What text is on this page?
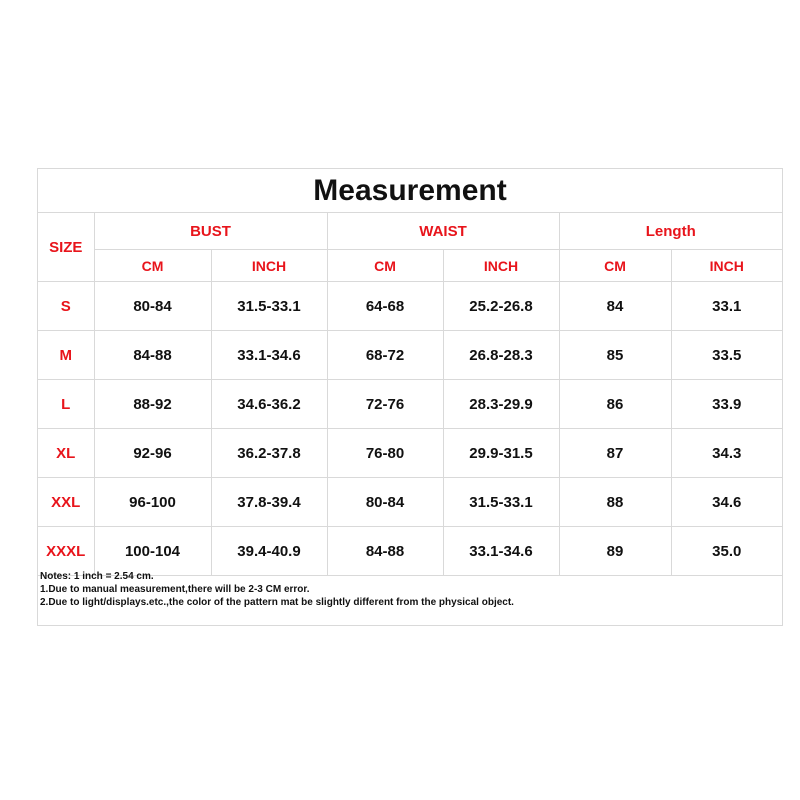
Measurement
SIZE	BUST		WAIST		Length	
	CM	INCH	CM	INCH	CM	INCH
S	80-84	31.5-33.1	64-68	25.2-26.8	84	33.1
M	84-88	33.1-34.6	68-72	26.8-28.3	85	33.5
L	88-92	34.6-36.2	72-76	28.3-29.9	86	33.9
XL	92-96	36.2-37.8	76-80	29.9-31.5	87	34.3
XXL	96-100	37.8-39.4	80-84	31.5-33.1	88	34.6
XXXL	100-104	39.4-40.9	84-88	33.1-34.6	89	35.0
Notes: 1 inch = 2.54 cm.
1.Due to manual measurement,there will be 2-3 CM error.
2.Due to light/displays.etc.,the color of the pattern mat be slightly different from the physical object.
